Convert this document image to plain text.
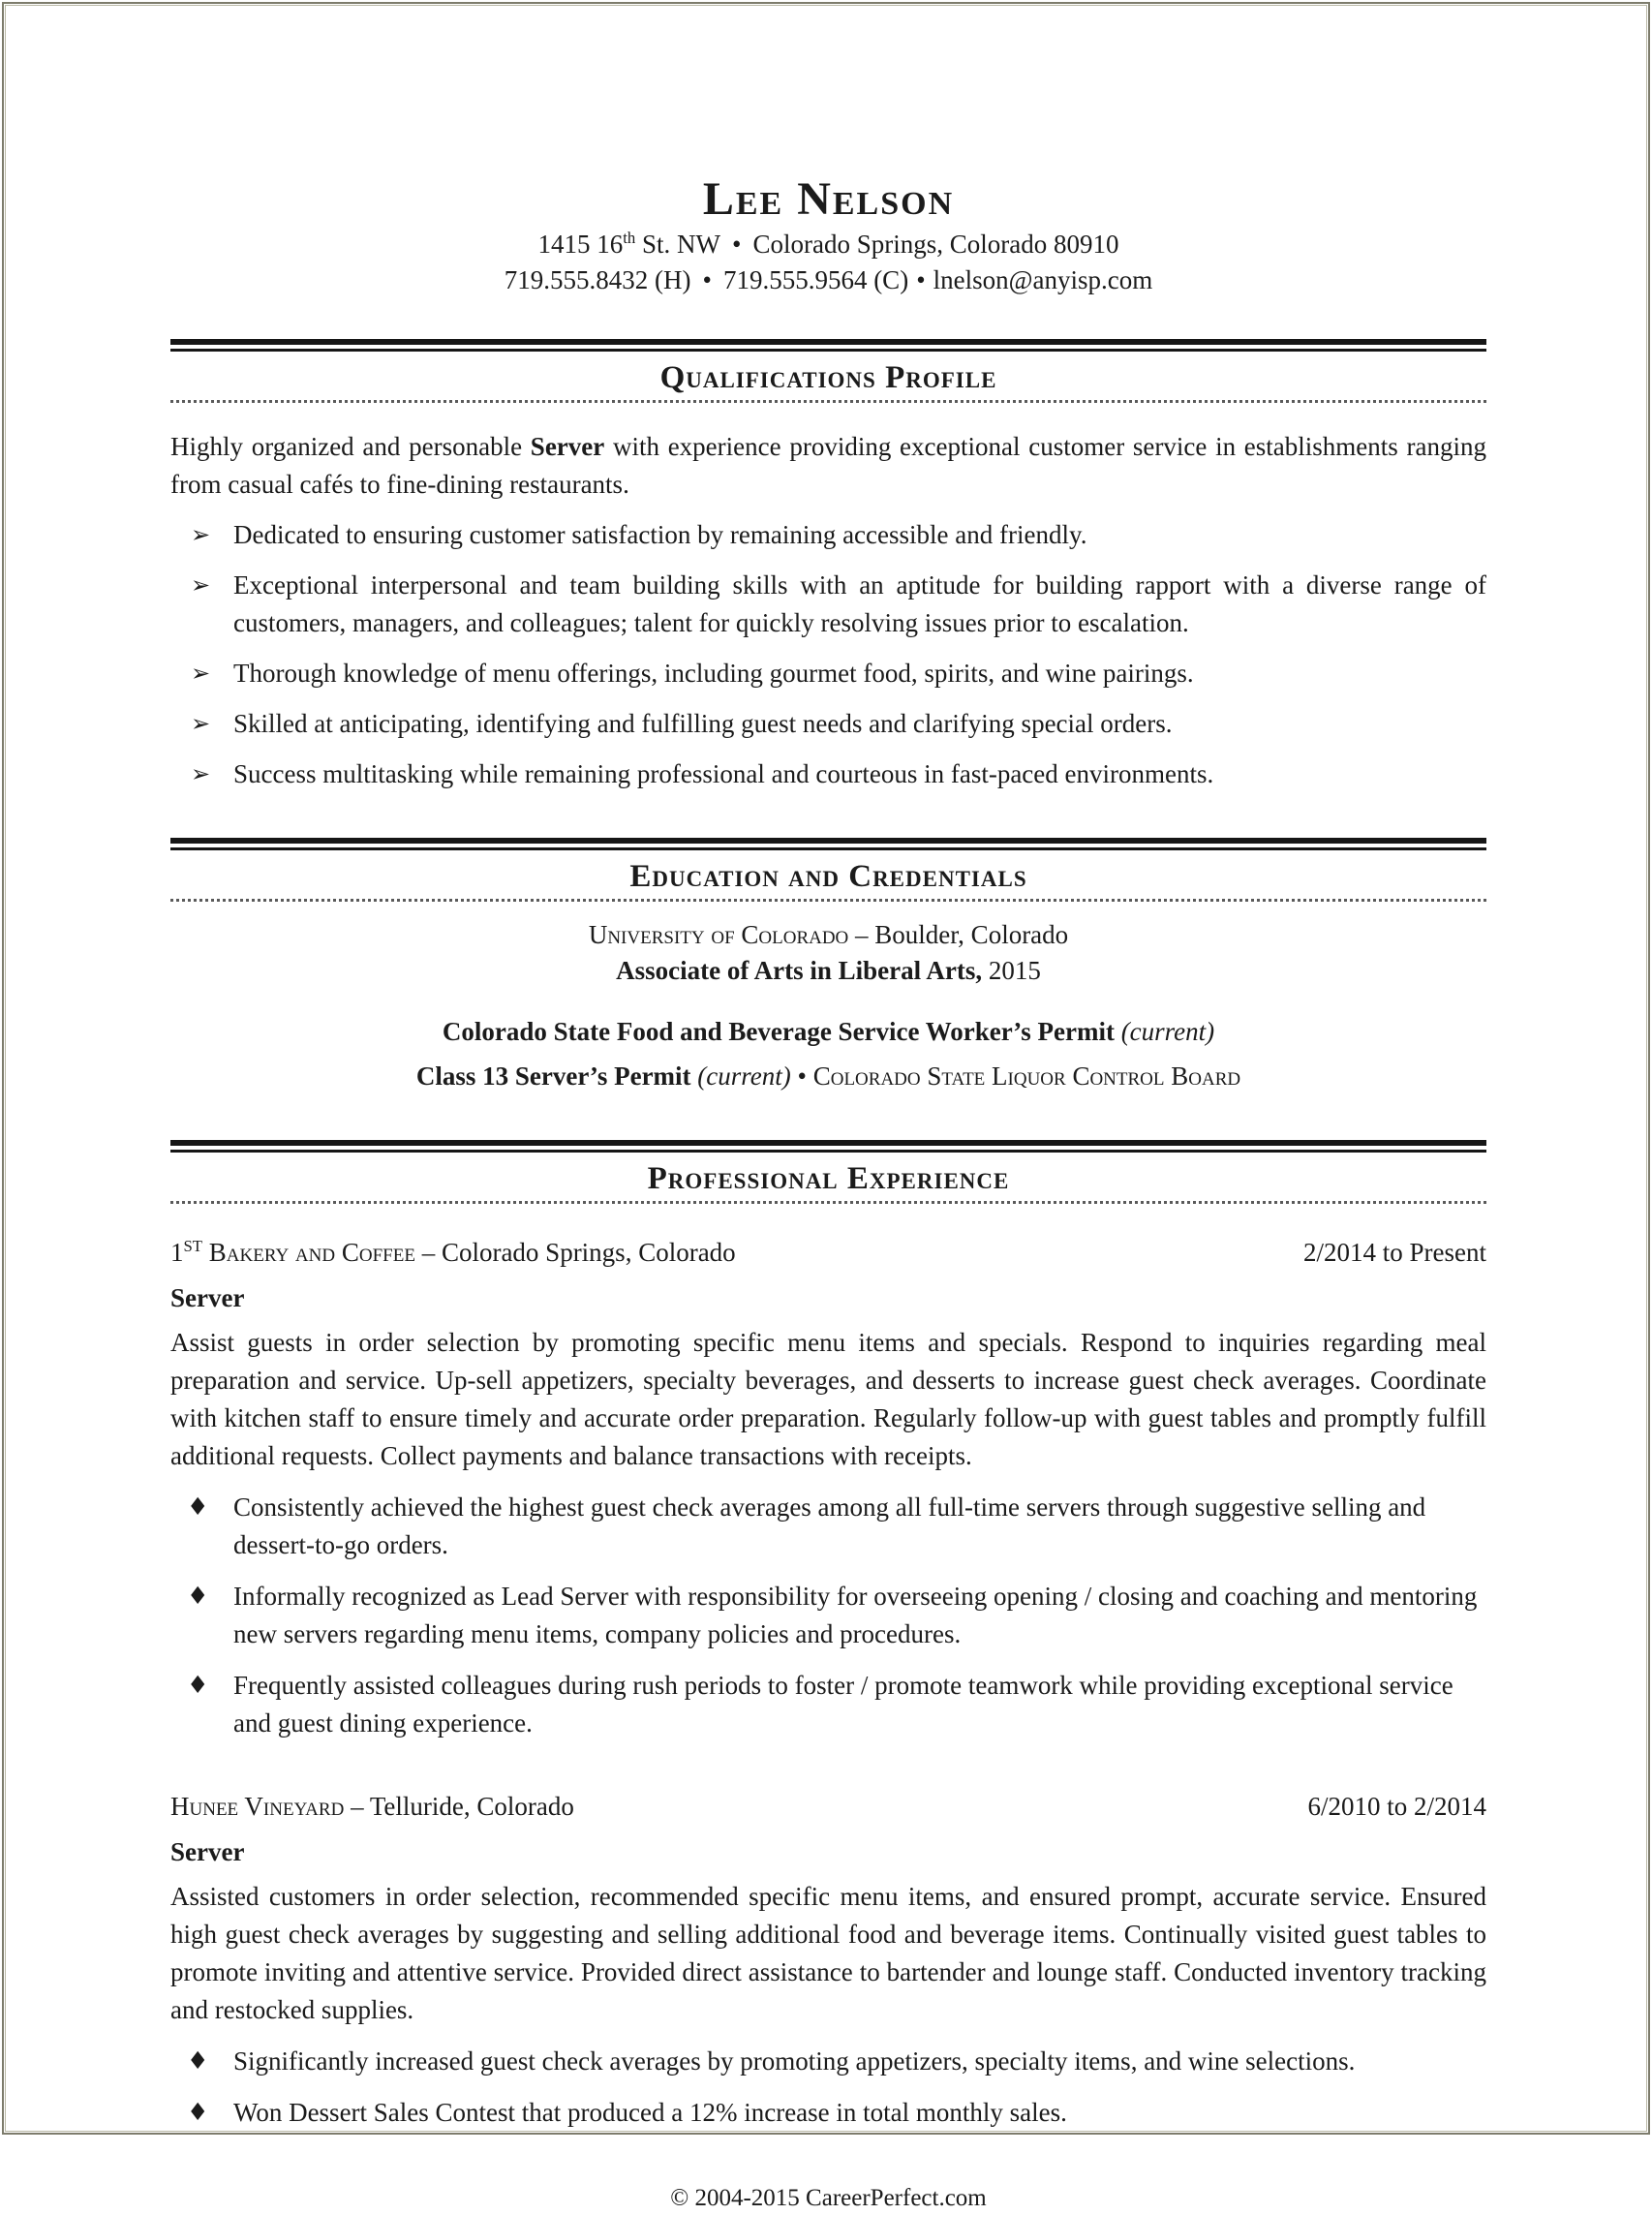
Lee Nelson
1415 16th St. NW • Colorado Springs, Colorado 80910
719.555.8432 (H) • 719.555.9564 (C) • lnelson@anyisp.com
Qualifications Profile

Highly organized and personable Server with experience providing exceptional customer service in establishments ranging from casual cafés to fine-dining restaurants.

➢ Dedicated to ensuring customer satisfaction by remaining accessible and friendly.
➢ Exceptional interpersonal and team building skills with an aptitude for building rapport with a diverse range of customers, managers, and colleagues; talent for quickly resolving issues prior to escalation.
➢ Thorough knowledge of menu offerings, including gourmet food, spirits, and wine pairings.
➢ Skilled at anticipating, identifying and fulfilling guest needs and clarifying special orders.
➢ Success multitasking while remaining professional and courteous in fast-paced environments.
Education and Credentials
University of Colorado – Boulder, Colorado
Associate of Arts in Liberal Arts, 2015
Colorado State Food and Beverage Service Worker’s Permit (current)
Class 13 Server’s Permit (current) • Colorado State Liquor Control Board
Professional Experience
1ST Bakery and Coffee – Colorado Springs, Colorado	2/2014 to Present
Server

Assist guests in order selection by promoting specific menu items and specials. Respond to inquiries regarding meal preparation and service. Up-sell appetizers, specialty beverages, and desserts to increase guest check averages. Coordinate with kitchen staff to ensure timely and accurate order preparation. Regularly follow-up with guest tables and promptly fulfill additional requests. Collect payments and balance transactions with receipts.

♦ Consistently achieved the highest guest check averages among all full-time servers through suggestive selling and dessert-to-go orders.
♦ Informally recognized as Lead Server with responsibility for overseeing opening / closing and coaching and mentoring new servers regarding menu items, company policies and procedures.
♦ Frequently assisted colleagues during rush periods to foster / promote teamwork while providing exceptional service and guest dining experience.
Hunee Vineyard – Telluride, Colorado	6/2010 to 2/2014
Server

Assisted customers in order selection, recommended specific menu items, and ensured prompt, accurate service. Ensured high guest check averages by suggesting and selling additional food and beverage items. Continually visited guest tables to promote inviting and attentive service. Provided direct assistance to bartender and lounge staff. Conducted inventory tracking and restocked supplies.

♦ Significantly increased guest check averages by promoting appetizers, specialty items, and wine selections.
♦ Won Dessert Sales Contest that produced a 12% increase in total monthly sales.
© 2004-2015 CareerPerfect.com
